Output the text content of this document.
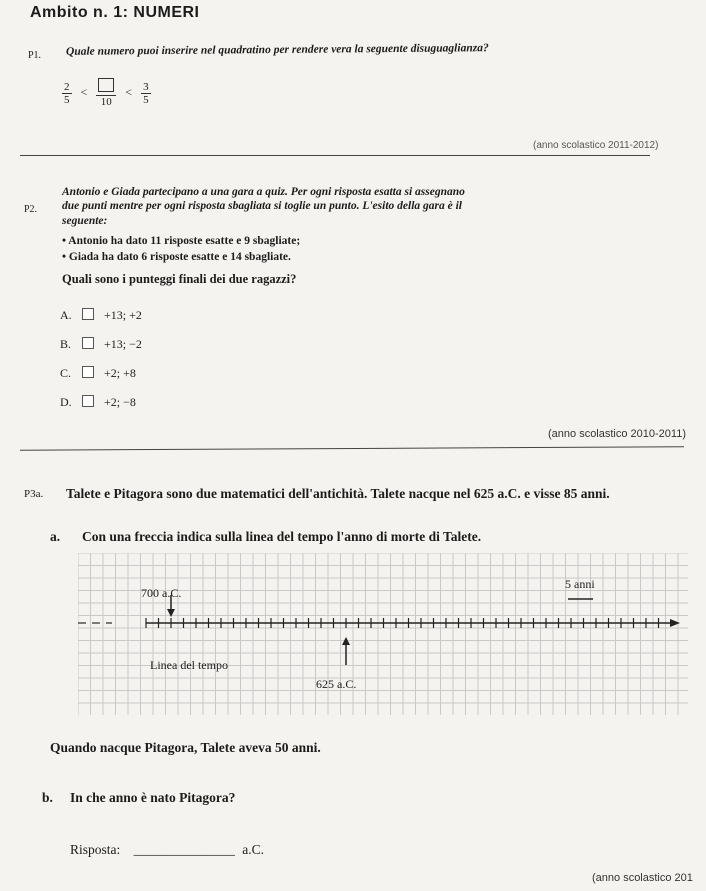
Ambito n. 1: NUMERI
P1. Quale numero puoi inserire nel quadratino per rendere vera la seguente disuguaglianza?
$\frac{2}{5}$ <
10
< $\frac{3}{5}$
(anno scolastico 2011-2012)
P2.
Antonio e Giada partecipano a una gara a quiz. Per ogni risposta esatta si assegnano
due punti mentre per ogni risposta sbagliata si toglie un punto. L'esito della gara è il
seguente:
• Antonio ha dato 11 risposte esatte e 9 sbagliate;
• Giada ha dato 6 risposte esatte e 14 sbagliate.
Quali sono i punteggi finali dei due ragazzi?
A.	+13; +2
B.	+13; −2
C.	+2; +8
D.	+2; −8
(anno scolastico 2010-2011)
P3a. Talete e Pitagora sono due matematici dell'antichità. Talete nacque nel 625 a.C. e visse 85 anni.
a. Con una freccia indica sulla linea del tempo l'anno di morte di Talete.
700 a.C.
5 anni
Linea del tempo
625 a.C.
Quando nacque Pitagora, Talete aveva 50 anni.
b. In che anno è nato Pitagora?
Risposta: _______________ a.C.
(anno scolastico 201
